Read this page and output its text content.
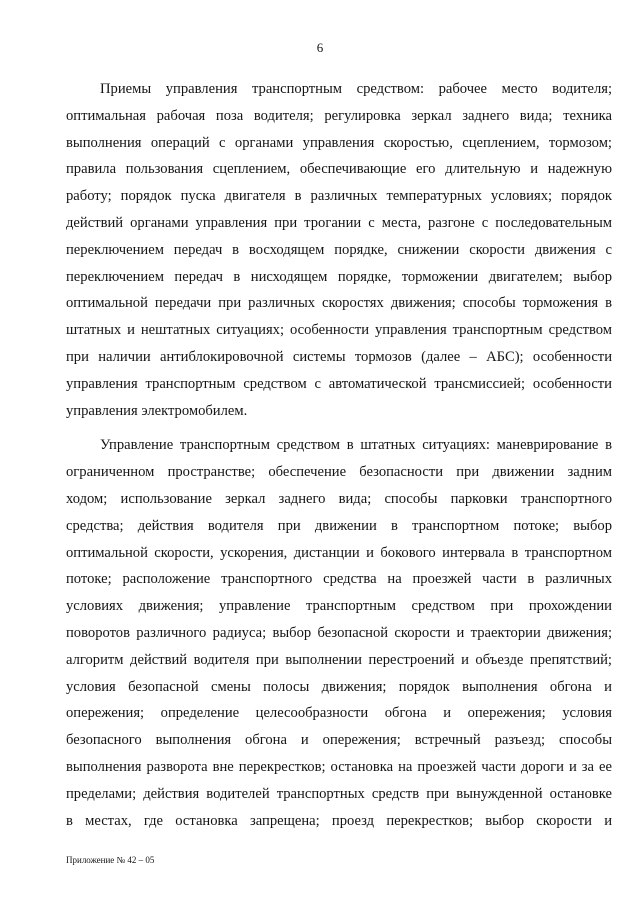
6
Приемы управления транспортным средством: рабочее место водителя;
оптимальная рабочая поза водителя; регулировка зеркал заднего вида; техника
выполнения операций с органами управления скоростью, сцеплением, тормозом;
правила пользования сцеплением, обеспечивающие его длительную и надежную
работу; порядок пуска двигателя в различных температурных условиях; порядок
действий органами управления при трогании с места, разгоне с последовательным
переключением передач в восходящем порядке, снижении скорости движения с
переключением передач в нисходящем порядке, торможении двигателем; выбор
оптимальной передачи при различных скоростях движения; способы торможения в
штатных и нештатных ситуациях; особенности управления транспортным средством
при наличии антиблокировочной системы тормозов (далее – АБС); особенности
управления транспортным средством с автоматической трансмиссией; особенности
управления электромобилем.
Управление транспортным средством в штатных ситуациях: маневрирование в
ограниченном пространстве; обеспечение безопасности при движении задним
ходом; использование зеркал заднего вида; способы парковки транспортного
средства; действия водителя при движении в транспортном потоке; выбор
оптимальной скорости, ускорения, дистанции и бокового интервала в транспортном
потоке; расположение транспортного средства на проезжей части в различных
условиях движения; управление транспортным средством при прохождении
поворотов различного радиуса; выбор безопасной скорости и траектории движения;
алгоритм действий водителя при выполнении перестроений и объезде препятствий;
условия безопасной смены полосы движения; порядок выполнения обгона и
опережения; определение целесообразности обгона и опережения; условия
безопасного выполнения обгона и опережения; встречный разъезд; способы
выполнения разворота вне перекрестков; остановка на проезжей части дороги и за ее
пределами; действия водителей транспортных средств при вынужденной остановке
в местах, где остановка запрещена; проезд перекрестков; выбор скорости и
Приложение № 42 – 05
